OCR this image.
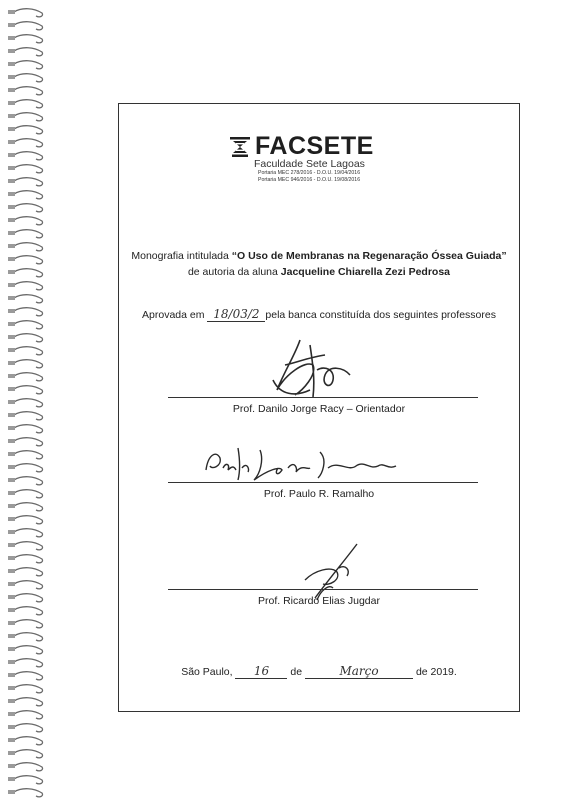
FACSETE
Faculdade Sete Lagoas
Portaria MEC 278/2016 - D.O.U. 19/04/2016
Portaria MEC 946/2016 - D.O.U. 19/08/2016
Monografia intitulada “O Uso de Membranas na Regenaração Óssea Guiada”
de autoria da aluna Jacqueline Chiarella Zezi Pedrosa
Aprovada em 18/03/2 pela banca constituída dos seguintes professores
Prof. Danilo Jorge Racy – Orientador
Prof. Paulo R. Ramalho
Prof. Ricardo Elias Jugdar
São Paulo, 16 de	Março	de 2019.
